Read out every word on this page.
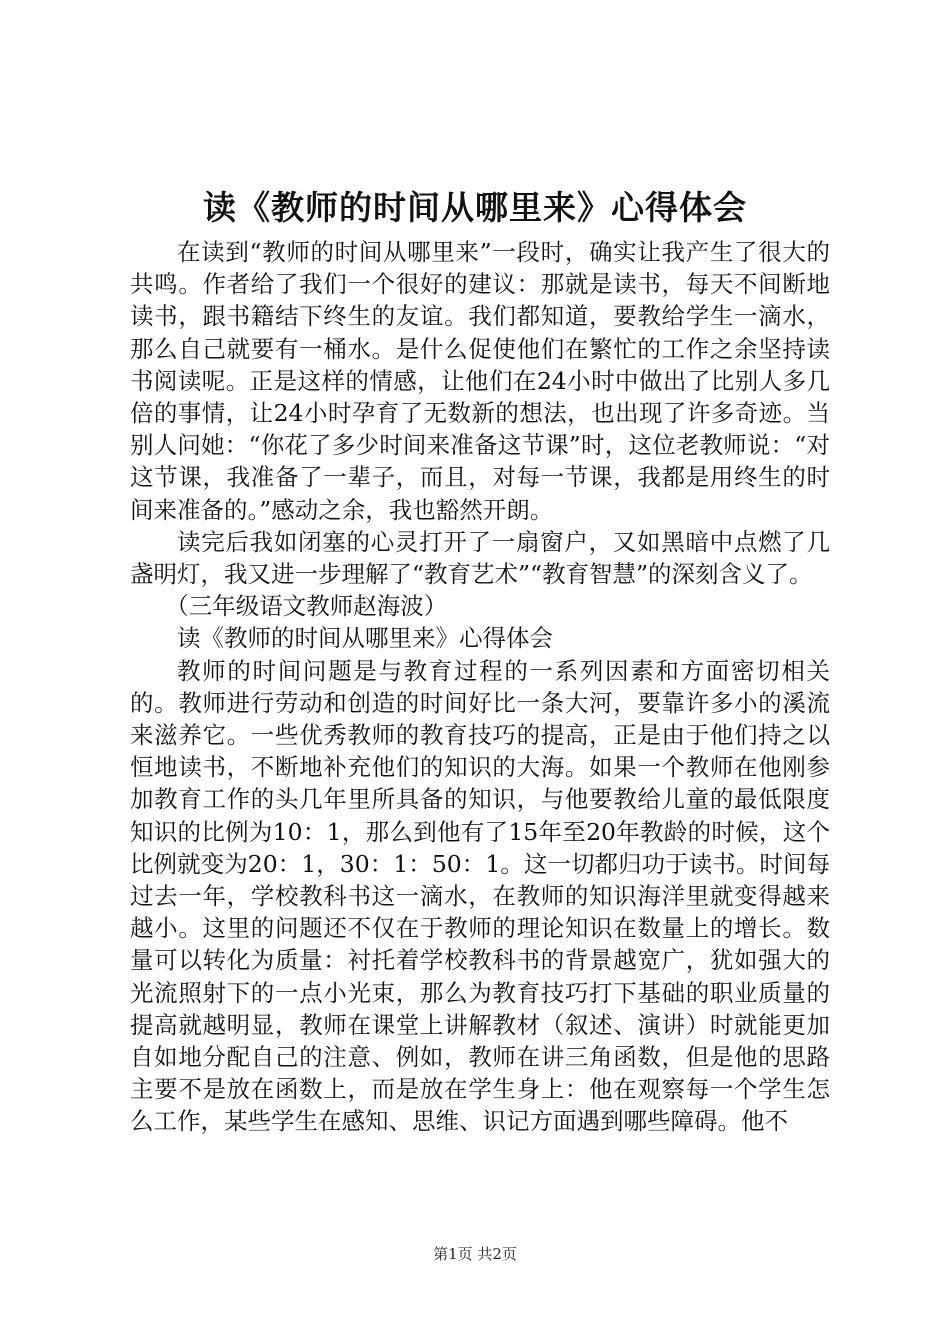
读《教师的时间从哪里来》心得体会

在读到“教师的时间从哪里来”一段时，确实让我产生了很大的共鸣。作者给了我们一个很好的建议：那就是读书，每天不间断地读书，跟书籍结下终生的友谊。我们都知道，要教给学生一滴水，那么自己就要有一桶水。是什么促使他们在繁忙的工作之余坚持读书阅读呢。正是这样的情感，让他们在24小时中做出了比别人多几倍的事情，让24小时孕育了无数新的想法，也出现了许多奇迹。当别人问她：“你花了多少时间来准备这节课”时，这位老教师说：“对这节课，我准备了一辈子，而且，对每一节课，我都是用终生的时间来准备的。”感动之余，我也豁然开朗。

读完后我如闭塞的心灵打开了一扇窗户，又如黑暗中点燃了几盏明灯，我又进一步理解了“教育艺术”“教育智慧”的深刻含义了。

（三年级语文教师赵海波）

读《教师的时间从哪里来》心得体会

教师的时间问题是与教育过程的一系列因素和方面密切相关的。教师进行劳动和创造的时间好比一条大河，要靠许多小的溪流来滋养它。一些优秀教师的教育技巧的提高，正是由于他们持之以恒地读书，不断地补充他们的知识的大海。如果一个教师在他刚参加教育工作的头几年里所具备的知识，与他要教给儿童的最低限度知识的比例为10：1，那么到他有了15年至20年教龄的时候，这个比例就变为20：1，30：1：50：1。这一切都归功于读书。时间每过去一年，学校教科书这一滴水，在教师的知识海洋里就变得越来越小。这里的问题还不仅在于教师的理论知识在数量上的增长。数量可以转化为质量：衬托着学校教科书的背景越宽广，犹如强大的光流照射下的一点小光束，那么为教育技巧打下基础的职业质量的提高就越明显，教师在课堂上讲解教材（叙述、演讲）时就能更加自如地分配自己的注意、例如，教师在讲三角函数，但是他的思路主要不是放在函数上，而是放在学生身上：他在观察每一个学生怎么工作，某些学生在感知、思维、识记方面遇到哪些障碍。他不

第1页 共2页
